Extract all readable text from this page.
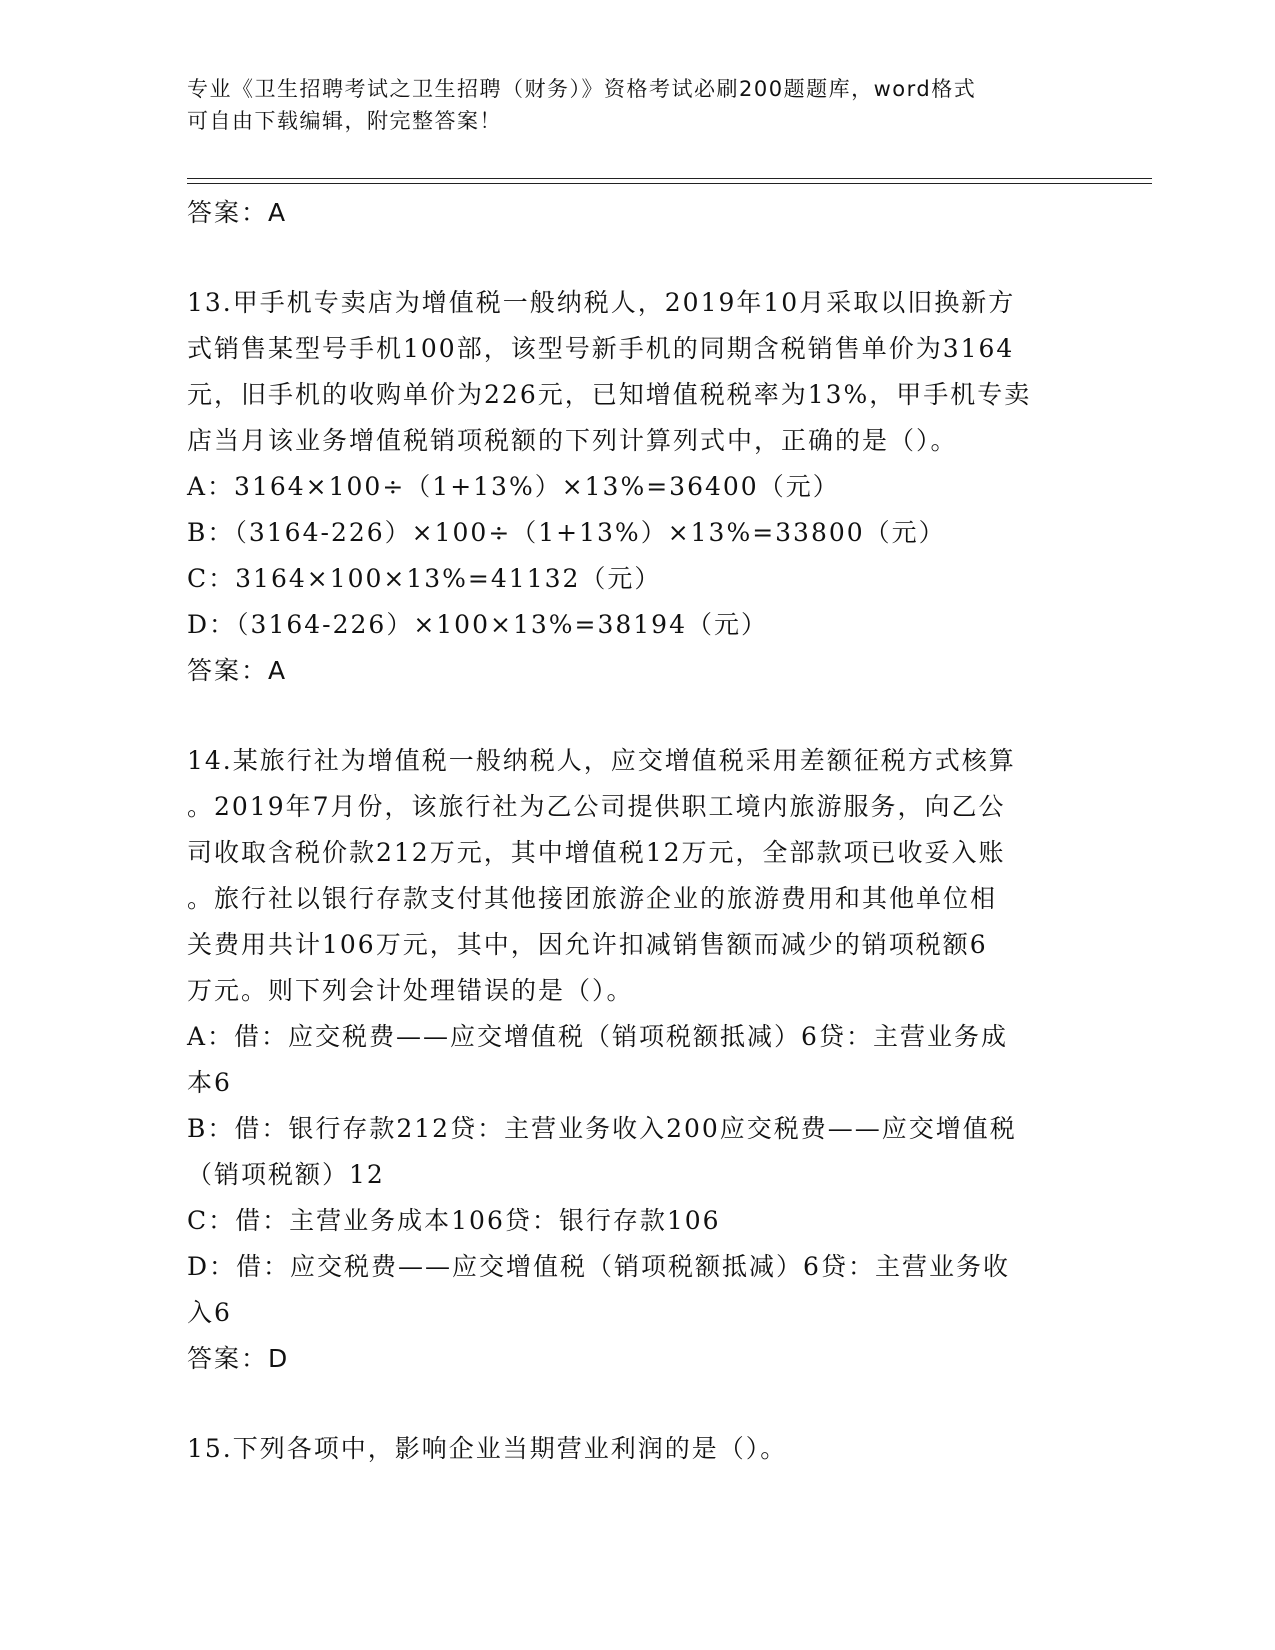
专业《卫生招聘考试之卫生招聘（财务）》资格考试必刷200题题库，word格式
可自由下载编辑，附完整答案！
答案：A
13.甲手机专卖店为增值税一般纳税人，2019年10月采取以旧换新方
式销售某型号手机100部，该型号新手机的同期含税销售单价为3164
元，旧手机的收购单价为226元，已知增值税税率为13%，甲手机专卖
店当月该业务增值税销项税额的下列计算列式中，正确的是（）。
A：3164×100÷（1+13%）×13%=36400（元）
B：（3164-226）×100÷（1+13%）×13%=33800（元）
C：3164×100×13%=41132（元）
D：（3164-226）×100×13%=38194（元）
答案：A
14.某旅行社为增值税一般纳税人，应交增值税采用差额征税方式核算
。2019年7月份，该旅行社为乙公司提供职工境内旅游服务，向乙公
司收取含税价款212万元，其中增值税12万元，全部款项已收妥入账
。旅行社以银行存款支付其他接团旅游企业的旅游费用和其他单位相
关费用共计106万元，其中，因允许扣减销售额而减少的销项税额6
万元。则下列会计处理错误的是（）。
A：借：应交税费——应交增值税（销项税额抵减）6贷：主营业务成
本6
B：借：银行存款212贷：主营业务收入200应交税费——应交增值税
（销项税额）12
C：借：主营业务成本106贷：银行存款106
D：借：应交税费——应交增值税（销项税额抵减）6贷：主营业务收
入6
答案：D
15.下列各项中，影响企业当期营业利润的是（）。
